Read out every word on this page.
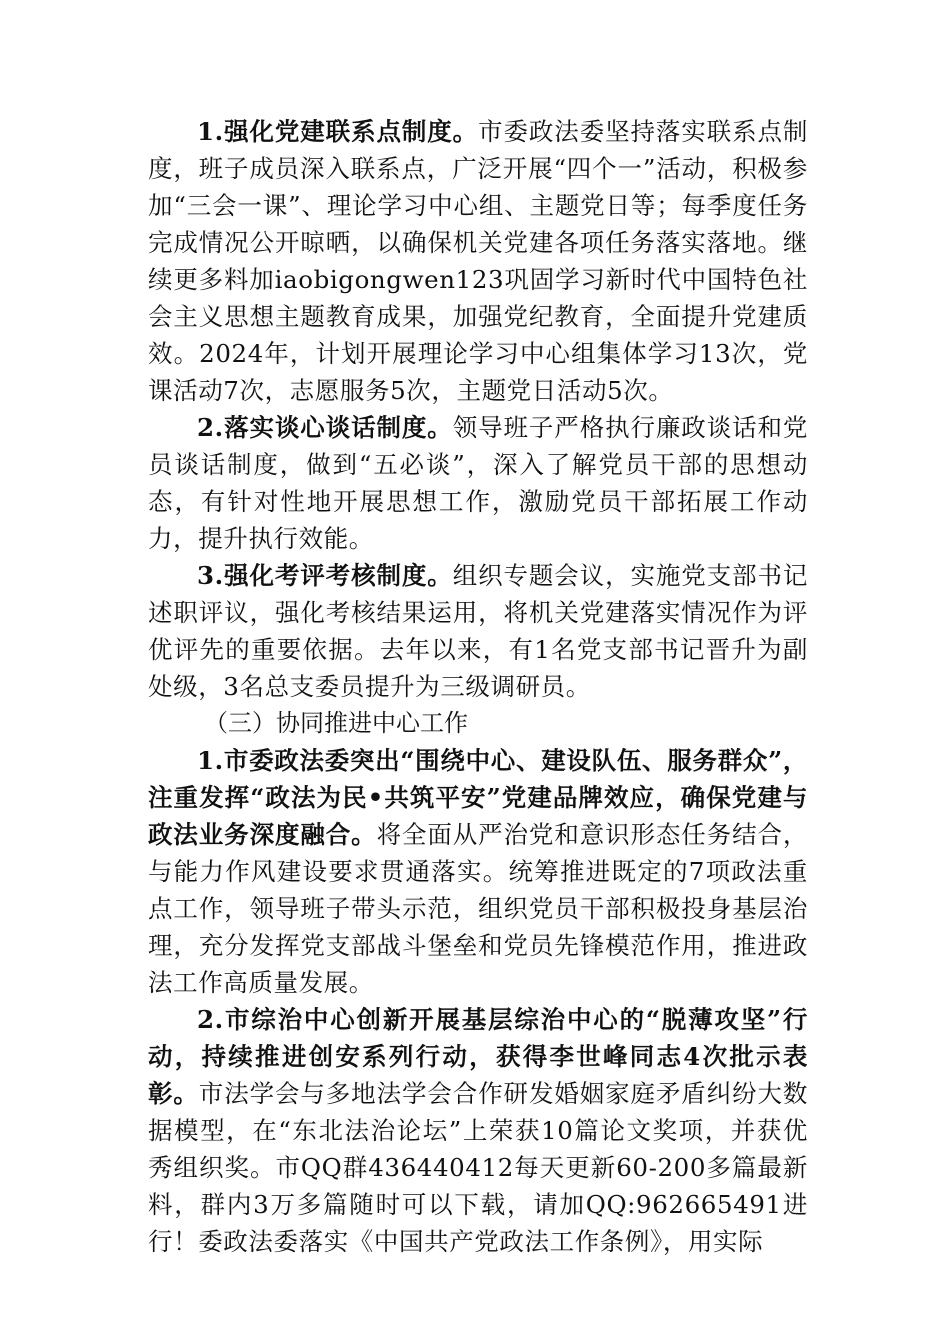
1.强化党建联系点制度。市委政法委坚持落实联系点制度，班子成员深入联系点，广泛开展“四个一”活动，积极参加“三会一课”、理论学习中心组、主题党日等；每季度任务完成情况公开晾晒，以确保机关党建各项任务落实落地。继续更多料加iaobigongwen123巩固学习新时代中国特色社会主义思想主题教育成果，加强党纪教育，全面提升党建质效。2024年，计划开展理论学习中心组集体学习13次，党课活动7次，志愿服务5次，主题党日活动5次。

2.落实谈心谈话制度。领导班子严格执行廉政谈话和党员谈话制度，做到“五必谈”，深入了解党员干部的思想动态，有针对性地开展思想工作，激励党员干部拓展工作动力，提升执行效能。

3.强化考评考核制度。组织专题会议，实施党支部书记述职评议，强化考核结果运用，将机关党建落实情况作为评优评先的重要依据。去年以来，有1名党支部书记晋升为副处级，3名总支委员提升为三级调研员。

（三）协同推进中心工作

1.市委政法委突出“围绕中心、建设队伍、服务群众”，注重发挥“政法为民•共筑平安”党建品牌效应，确保党建与政法业务深度融合。将全面从严治党和意识形态任务结合，与能力作风建设要求贯通落实。统筹推进既定的7项政法重点工作，领导班子带头示范，组织党员干部积极投身基层治理，充分发挥党支部战斗堡垒和党员先锋模范作用，推进政法工作高质量发展。

2.市综治中心创新开展基层综治中心的“脱薄攻坚”行动，持续推进创安系列行动，获得李世峰同志4次批示表彰。市法学会与多地法学会合作研发婚姻家庭矛盾纠纷大数据模型，在“东北法治论坛”上荣获10篇论文奖项，并获优秀组织奖。市QQ群436440412每天更新60-200多篇最新料，群内3万多篇随时可以下载，请加QQ:962665491进行！委政法委落实《中国共产党政法工作条例》，用实际
